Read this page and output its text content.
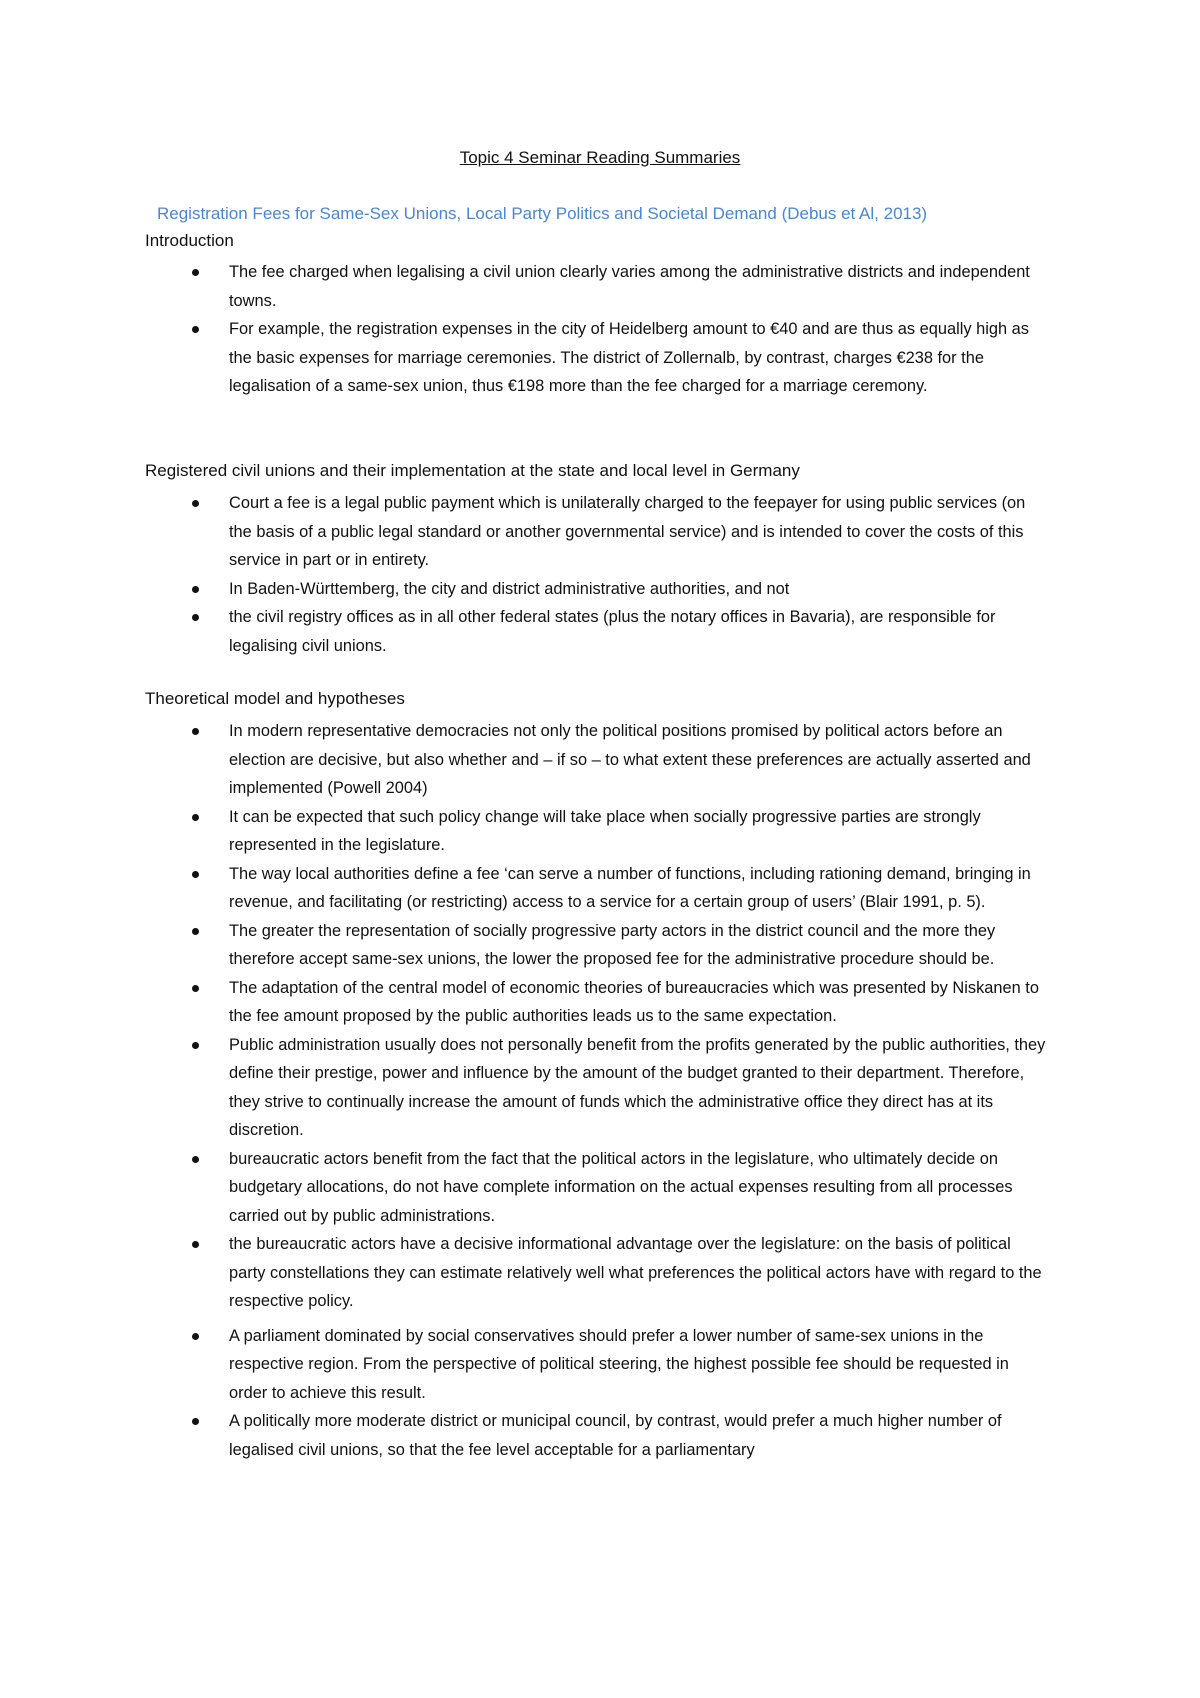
Topic 4 Seminar Reading Summaries
Registration Fees for Same-Sex Unions, Local Party Politics and Societal Demand (Debus et Al, 2013)
Introduction
The fee charged when legalising a civil union clearly varies among the administrative districts and independent towns.
For example, the registration expenses in the city of Heidelberg amount to €40 and are thus as equally high as the basic expenses for marriage ceremonies. The district of Zollernalb, by contrast, charges €238 for the legalisation of a same-sex union, thus €198 more than the fee charged for a marriage ceremony.
Registered civil unions and their implementation at the state and local level in Germany
Court a fee is a legal public payment which is unilaterally charged to the feepayer for using public services (on the basis of a public legal standard or another governmental service) and is intended to cover the costs of this service in part or in entirety.
In Baden-Württemberg, the city and district administrative authorities, and not
the civil registry offices as in all other federal states (plus the notary offices in Bavaria), are responsible for legalising civil unions.
Theoretical model and hypotheses
In modern representative democracies not only the political positions promised by political actors before an election are decisive, but also whether and – if so – to what extent these preferences are actually asserted and implemented (Powell 2004)
It can be expected that such policy change will take place when socially progressive parties are strongly represented in the legislature.
The way local authorities define a fee ‘can serve a number of functions, including rationing demand, bringing in revenue, and facilitating (or restricting) access to a service for a certain group of users’ (Blair 1991, p. 5).
The greater the representation of socially progressive party actors in the district council and the more they therefore accept same-sex unions, the lower the proposed fee for the administrative procedure should be.
The adaptation of the central model of economic theories of bureaucracies which was presented by Niskanen to the fee amount proposed by the public authorities leads us to the same expectation.
Public administration usually does not personally benefit from the profits generated by the public authorities, they define their prestige, power and influence by the amount of the budget granted to their department. Therefore, they strive to continually increase the amount of funds which the administrative office they direct has at its discretion.
bureaucratic actors benefit from the fact that the political actors in the legislature, who ultimately decide on budgetary allocations, do not have complete information on the actual expenses resulting from all processes carried out by public administrations.
the bureaucratic actors have a decisive informational advantage over the legislature: on the basis of political party constellations they can estimate relatively well what preferences the political actors have with regard to the respective policy.
A parliament dominated by social conservatives should prefer a lower number of same-sex unions in the respective region. From the perspective of political steering, the highest possible fee should be requested in order to achieve this result.
A politically more moderate district or municipal council, by contrast, would prefer a much higher number of legalised civil unions, so that the fee level acceptable for a parliamentary
